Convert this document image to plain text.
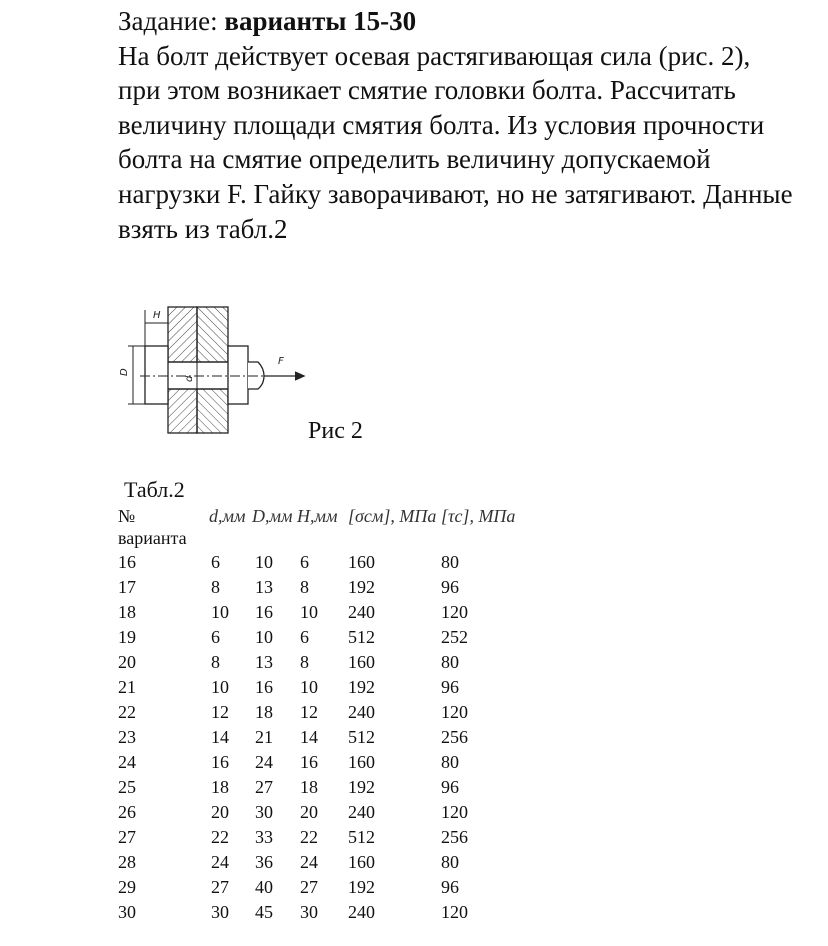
Задание: варианты 15-30
На болт действует осевая растягивающая сила (рис. 2), при этом возникает смятие головки болта. Рассчитать величину площади смятия болта. Из условия прочности болта на смятие определить величину допускаемой нагрузки F. Гайку заворачивают, но не затягивают. Данные взять из табл.2
H
F
D
d
Рис 2
Табл.2
№	d,мм D,мм H,мм [σсм], МПа [τc], МПа
варианта
16	6 10 6 160	80
17	8 13 8 192	96
18	10 16 10 240	120
19	6 10 6 512	252
20	8 13 8 160	80
21	10 16 10 192	96
22	12 18 12 240	120
23	14 21 14 512	256
24	16 24 16 160	80
25	18 27 18 192	96
26	20 30 20 240	120
27	22 33 22 512	256
28	24 36 24 160	80
29	27 40 27 192	96
30	30 45 30 240	120
